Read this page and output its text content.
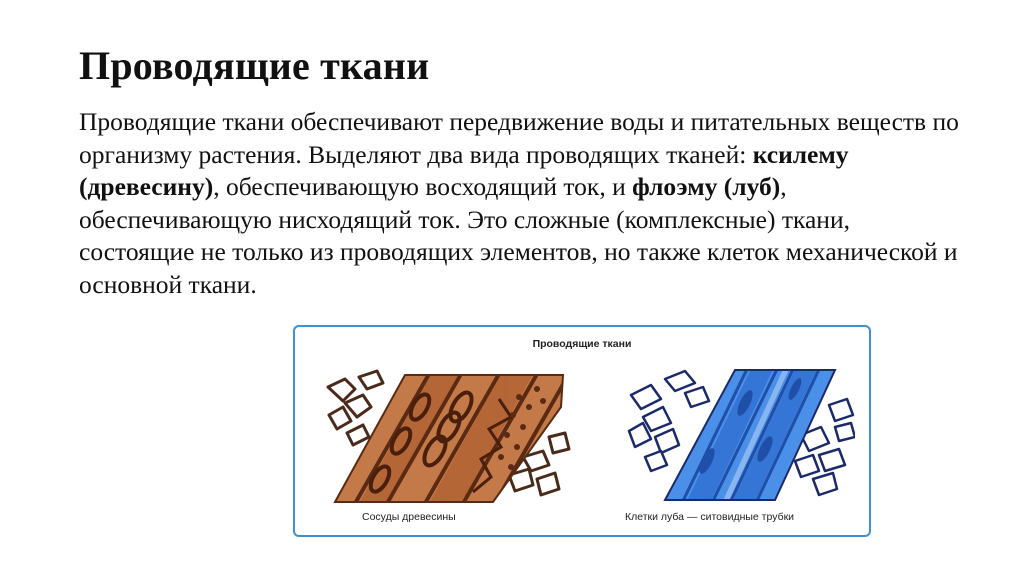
Проводящие ткани
Проводящие ткани обеспечивают передвижение воды и питательных веществ по организму растения. Выделяют два вида проводящих тканей: ксилему (древесину), обеспечивающую восходящий ток, и флоэму (луб), обеспечивающую нисходящий ток. Это сложные (комплексные) ткани, состоящие не только из проводящих элементов, но также клеток механической и основной ткани.
Проводящие ткани
Сосуды древесины	Клетки луба — ситовидные трубки
